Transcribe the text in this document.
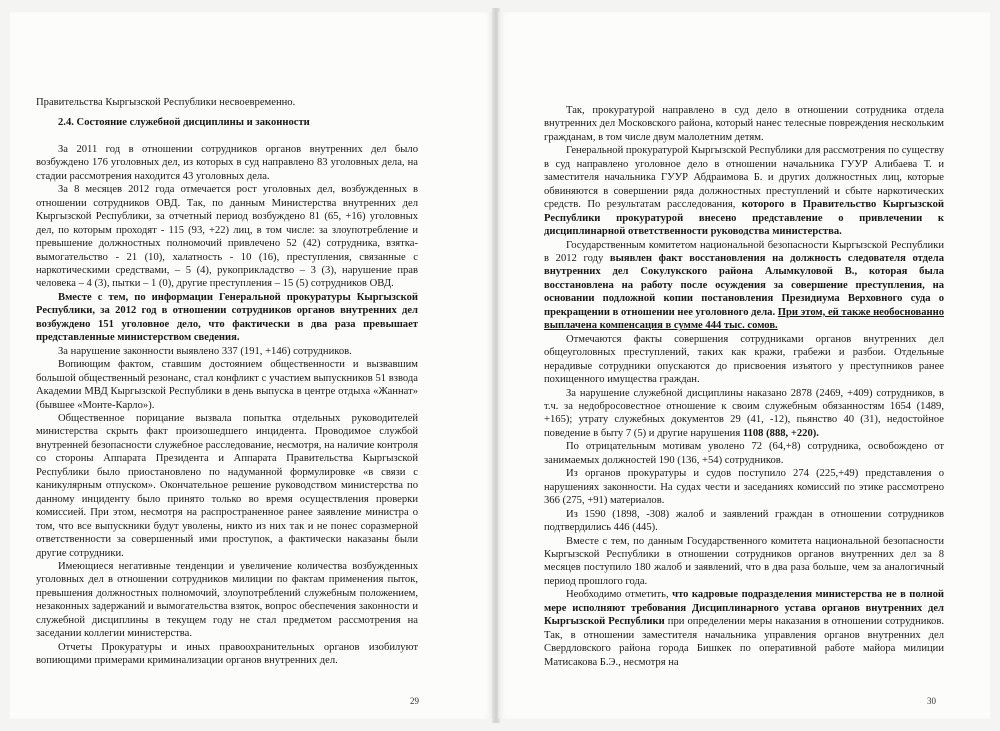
Правительства Кыргызской Республики несвоевременно.

2.4. Состояние служебной дисциплины и законности

За 2011 год в отношении сотрудников органов внутренних дел было возбуждено 176 уголовных дел, из которых в суд направлено 83 уголовных дела, на стадии рассмотрения находится 43 уголовных дела.

За 8 месяцев 2012 года отмечается рост уголовных дел, возбужденных в отношении сотрудников ОВД. Так, по данным Министерства внутренних дел Кыргызской Республики, за отчетный период возбуждено 81 (65, +16) уголовных дел, по которым проходят - 115 (93, +22) лиц, в том числе: за злоупотребление и превышение должностных полномочий привлечено 52 (42) сотрудника, взятка-вымогательство - 21 (10), халатность - 10 (16), преступления, связанные с наркотическими средствами, – 5 (4), рукоприкладство – 3 (3), нарушение прав человека – 4 (3), пытки – 1 (0), другие преступления – 15 (5) сотрудников ОВД.

Вместе с тем, по информации Генеральной прокуратуры Кыргызской Республики, за 2012 год в отношении сотрудников органов внутренних дел возбуждено 151 уголовное дело, что фактически в два раза превышает представленные министерством сведения.

За нарушение законности выявлено 337 (191, +146) сотрудников.

Вопиющим фактом, ставшим достоянием общественности и вызвавшим большой общественный резонанс, стал конфликт с участием выпускников 51 взвода Академии МВД Кыргызской Республики в день выпуска в центре отдыха «Жаннат» (бывшее «Монте-Карло»).

Общественное порицание вызвала попытка отдельных руководителей министерства скрыть факт произошедшего инцидента. Проводимое службой внутренней безопасности служебное расследование, несмотря, на наличие контроля со стороны Аппарата Президента и Аппарата Правительства Кыргызской Республики было приостановлено по надуманной формулировке «в связи с каникулярным отпуском». Окончательное решение руководством министерства по данному инциденту было принято только во время осуществления проверки комиссией. При этом, несмотря на распространенное ранее заявление министра о том, что все выпускники будут уволены, никто из них так и не понес соразмерной ответственности за совершенный ими проступок, а фактически наказаны были другие сотрудники.

Имеющиеся негативные тенденции и увеличение количества возбужденных уголовных дел в отношении сотрудников милиции по фактам применения пыток, превышения должностных полномочий, злоупотреблений служебным положением, незаконных задержаний и вымогательства взяток, вопрос обеспечения законности и служебной дисциплины в текущем году не стал предметом рассмотрения на заседании коллегии министерства.

Отчеты Прокуратуры и иных правоохранительных органов изобилуют вопиющими примерами криминализации органов внутренних дел.

29

Так, прокуратурой направлено в суд дело в отношении сотрудника отдела внутренних дел Московского района, который нанес телесные повреждения нескольким гражданам, в том числе двум малолетним детям.

Генеральной прокуратурой Кыргызской Республики для рассмотрения по существу в суд направлено уголовное дело в отношении начальника ГУУР Алибаева Т. и заместителя начальника ГУУР Абдраимова Б. и других должностных лиц, которые обвиняются в совершении ряда должностных преступлений и сбыте наркотических средств. По результатам расследования, которого в Правительство Кыргызской Республики прокуратурой внесено представление о привлечении к дисциплинарной ответственности руководства министерства.

Государственным комитетом национальной безопасности Кыргызской Республики в 2012 году выявлен факт восстановления на должность следователя отдела внутренних дел Сокулукского района Алымкуловой В., которая была восстановлена на работу после осуждения за совершение преступления, на основании подложной копии постановления Президиума Верховного суда о прекращении в отношении нее уголовного дела. При этом, ей также необоснованно выплачена компенсация в сумме 444 тыс. сомов.

Отмечаются факты совершения сотрудниками органов внутренних дел общеуголовных преступлений, таких как кражи, грабежи и разбои. Отдельные нерадивые сотрудники опускаются до присвоения изъятого у преступников ранее похищенного имущества граждан.

За нарушение служебной дисциплины наказано 2878 (2469, +409) сотрудников, в т.ч. за недобросовестное отношение к своим служебным обязанностям 1654 (1489, +165); утрату служебных документов 29 (41, -12), пьянство 40 (31), недостойное поведение в быту 7 (5) и другие нарушения 1108 (888, +220).

По отрицательным мотивам уволено 72 (64,+8) сотрудника, освобождено от занимаемых должностей 190 (136, +54) сотрудников.

Из органов прокуратуры и судов поступило 274 (225,+49) представления о нарушениях законности. На судах чести и заседаниях комиссий по этике рассмотрено 366 (275, +91) материалов.

Из 1590 (1898, -308) жалоб и заявлений граждан в отношении сотрудников подтвердились 446 (445).

Вместе с тем, по данным Государственного комитета национальной безопасности Кыргызской Республики в отношении сотрудников органов внутренних дел за 8 месяцев поступило 180 жалоб и заявлений, что в два раза больше, чем за аналогичный период прошлого года.

Необходимо отметить, что кадровые подразделения министерства не в полной мере исполняют требования Дисциплинарного устава органов внутренних дел Кыргызской Республики при определении меры наказания в отношении сотрудников. Так, в отношении заместителя начальника управления органов внутренних дел Свердловского района города Бишкек по оперативной работе майора милиции Матисакова Б.Э., несмотря на

30
